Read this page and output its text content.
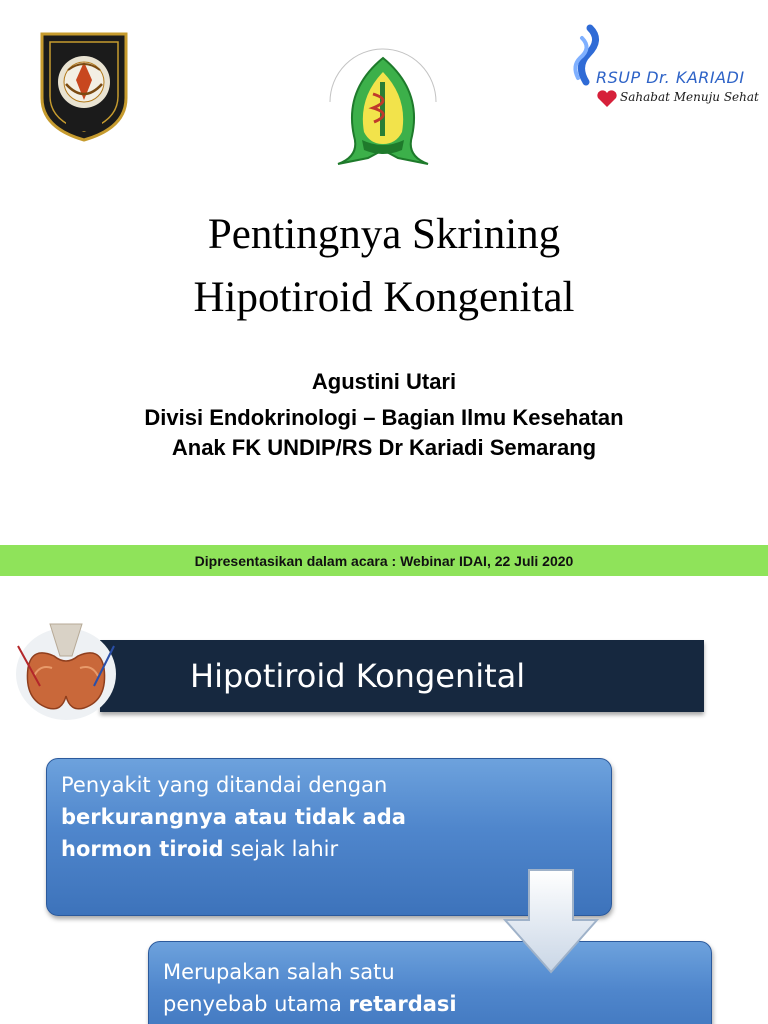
RSUP Dr. KARIADI
Sahabat Menuju Sehat
Pentingnya Skrining
Hipotiroid Kongenital
Agustini Utari
Divisi Endokrinologi – Bagian Ilmu Kesehatan
Anak FK UNDIP/RS Dr Kariadi Semarang
Dipresentasikan dalam acara : Webinar IDAI, 22 Juli 2020
Hipotiroid Kongenital
Penyakit yang ditandai dengan
berkurangnya atau tidak ada
hormon tiroid sejak lahir
Merupakan salah satu
penyebab utama retardasi
